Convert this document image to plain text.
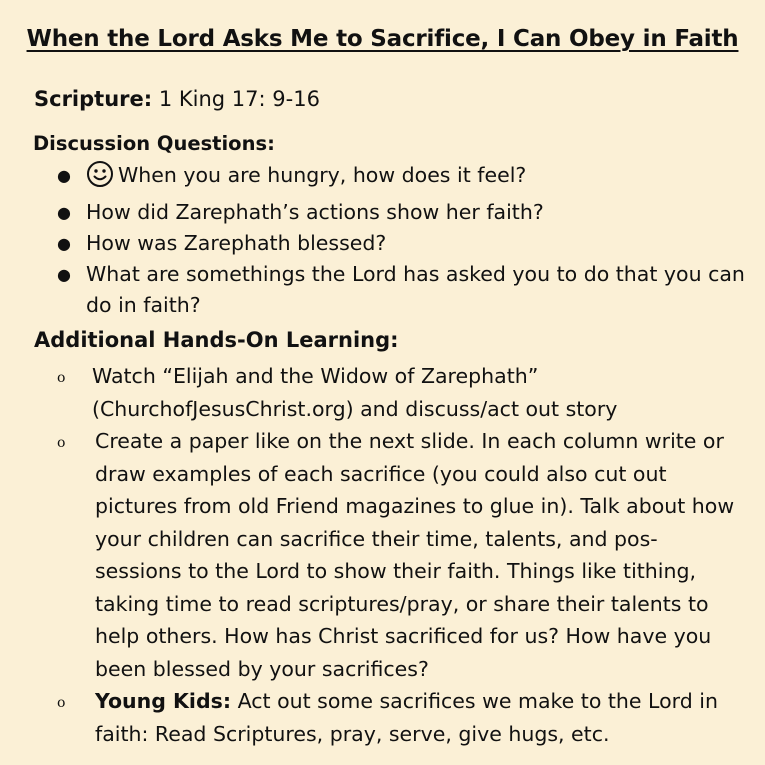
When the Lord Asks Me to Sacrifice, I Can Obey in Faith
Scripture: 1 King 17: 9-16
Discussion Questions:
● When you are hungry, how does it feel?
● How did Zarephath’s actions show her faith?
● How was Zarephath blessed?
● What are somethings the Lord has asked you to do that you can do in faith?
Additional Hands-On Learning:
o Watch “Elijah and the Widow of Zarephath” (ChurchofJesusChrist.org) and discuss/act out story
o Create a paper like on the next slide. In each column write or draw examples of each sacrifice (you could also cut out pictures from old Friend magazines to glue in). Talk about how your children can sacrifice their time, talents, and pos-sessions to the Lord to show their faith. Things like tithing, taking time to read scriptures/pray, or share their talents to help others. How has Christ sacrificed for us? How have you been blessed by your sacrifices?
o Young Kids: Act out some sacrifices we make to the Lord in faith: Read Scriptures, pray, serve, give hugs, etc.
